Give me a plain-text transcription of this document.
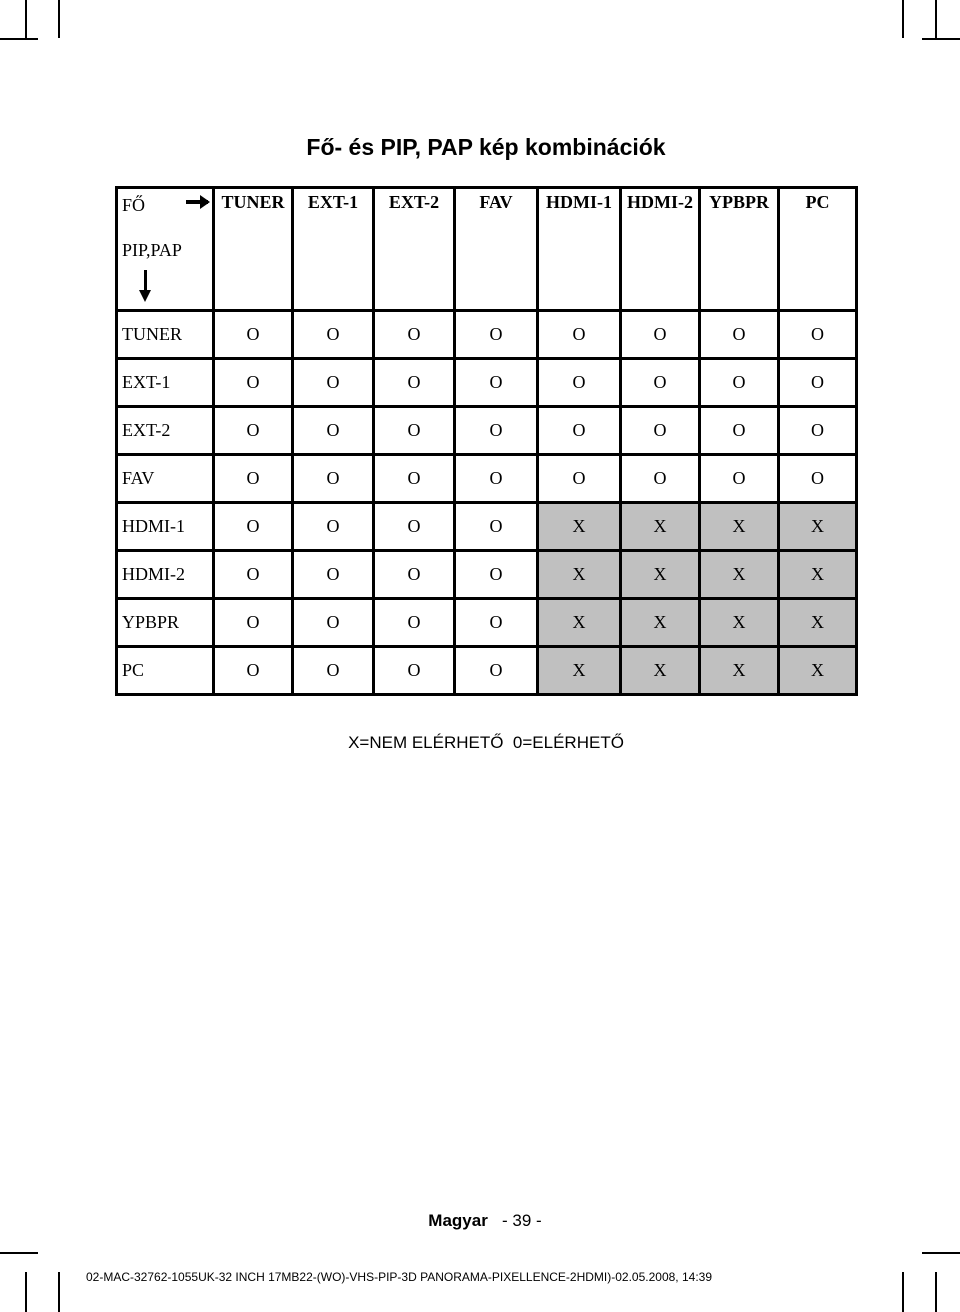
Fő- és PIP, PAP kép kombinációk
FŐ
PIP,PAP	TUNER	EXT-1	EXT-2	FAV	HDMI-1	HDMI-2	YPBPR	PC

TUNER	O	O	O	O	O	O	O	O
EXT-1	O	O	O	O	O	O	O	O
EXT-2	O	O	O	O	O	O	O	O
FAV	O	O	O	O	O	O	O	O
HDMI-1	O	O	O	O	X	X	X	X
HDMI-2	O	O	O	O	X	X	X	X
YPBPR	O	O	O	O	X	X	X	X
PC	O	O	O	O	X	X	X	X
X=NEM ELÉRHETŐ  0=ELÉRHETŐ
Magyar - 39 -
02-MAC-32762-1055UK-32 INCH 17MB22-(WO)-VHS-PIP-3D PANORAMA-PIXELLENCE-2HDMI)-02.05.2008, 14:39
